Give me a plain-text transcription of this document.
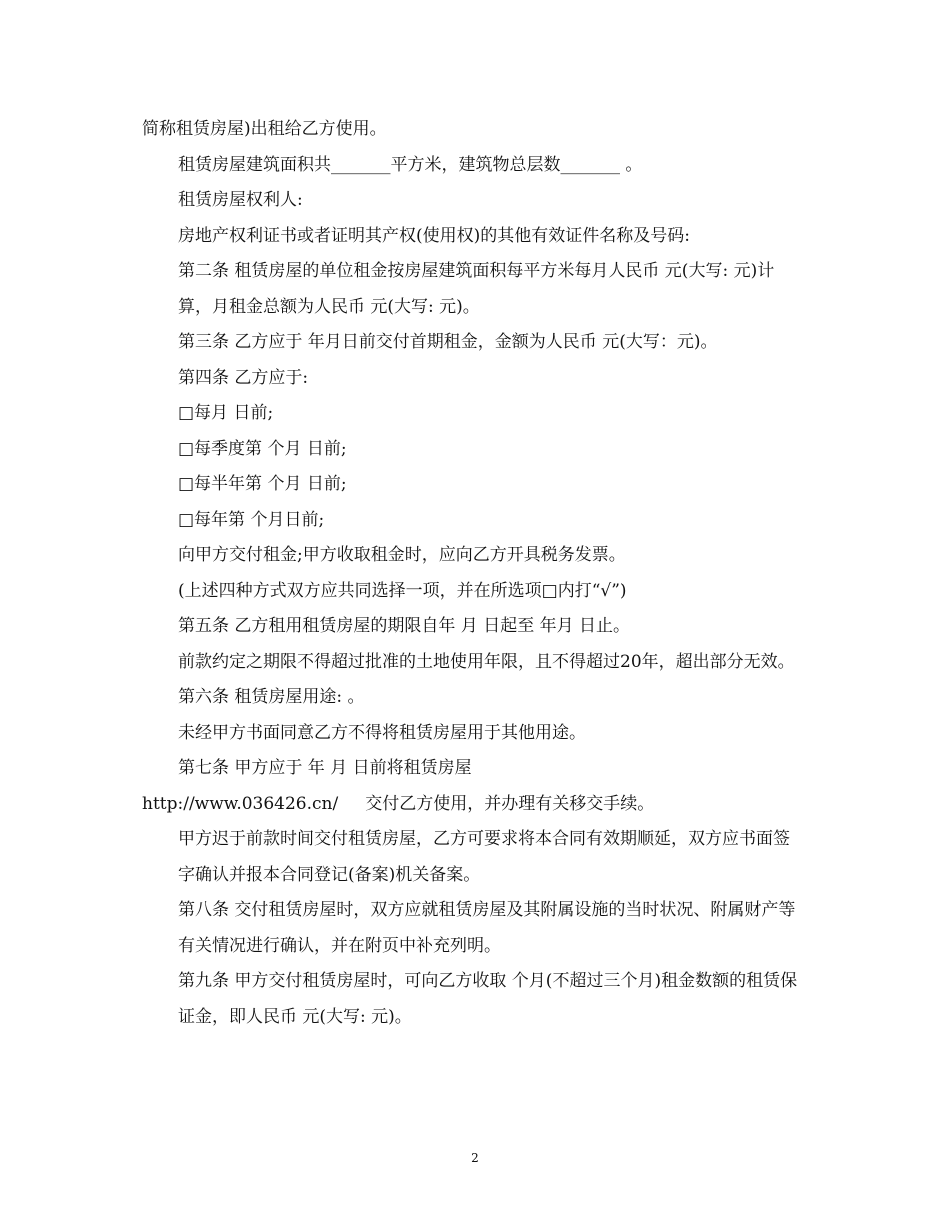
简称租赁房屋)出租给乙方使用。

租赁房屋建筑面积共_______平方米，建筑物总层数_______ 。

租赁房屋权利人:

房地产权利证书或者证明其产权(使用权)的其他有效证件名称及号码:

第二条 租赁房屋的单位租金按房屋建筑面积每平方米每月人民币 元(大写: 元)计算，月租金总额为人民币 元(大写: 元)。

第三条 乙方应于 年月日前交付首期租金，金额为人民币 元(大写：元)。

第四条 乙方应于:

□每月 日前;

□每季度第 个月 日前;

□每半年第 个月 日前;

□每年第 个月日前;

向甲方交付租金;甲方收取租金时，应向乙方开具税务发票。

(上述四种方式双方应共同选择一项，并在所选项□内打“√”)

第五条 乙方租用租赁房屋的期限自年 月 日起至 年月 日止。

前款约定之期限不得超过批准的土地使用年限，且不得超过20年，超出部分无效。

第六条 租赁房屋用途: 。

未经甲方书面同意乙方不得将租赁房屋用于其他用途。

第七条 甲方应于 年 月 日前将租赁房屋

http://www.036426.cn/     交付乙方使用，并办理有关移交手续。

甲方迟于前款时间交付租赁房屋，乙方可要求将本合同有效期顺延，双方应书面签字确认并报本合同登记(备案)机关备案。

第八条 交付租赁房屋时，双方应就租赁房屋及其附属设施的当时状况、附属财产等有关情况进行确认，并在附页中补充列明。

第九条 甲方交付租赁房屋时，可向乙方收取 个月(不超过三个月)租金数额的租赁保证金，即人民币 元(大写: 元)。

2
